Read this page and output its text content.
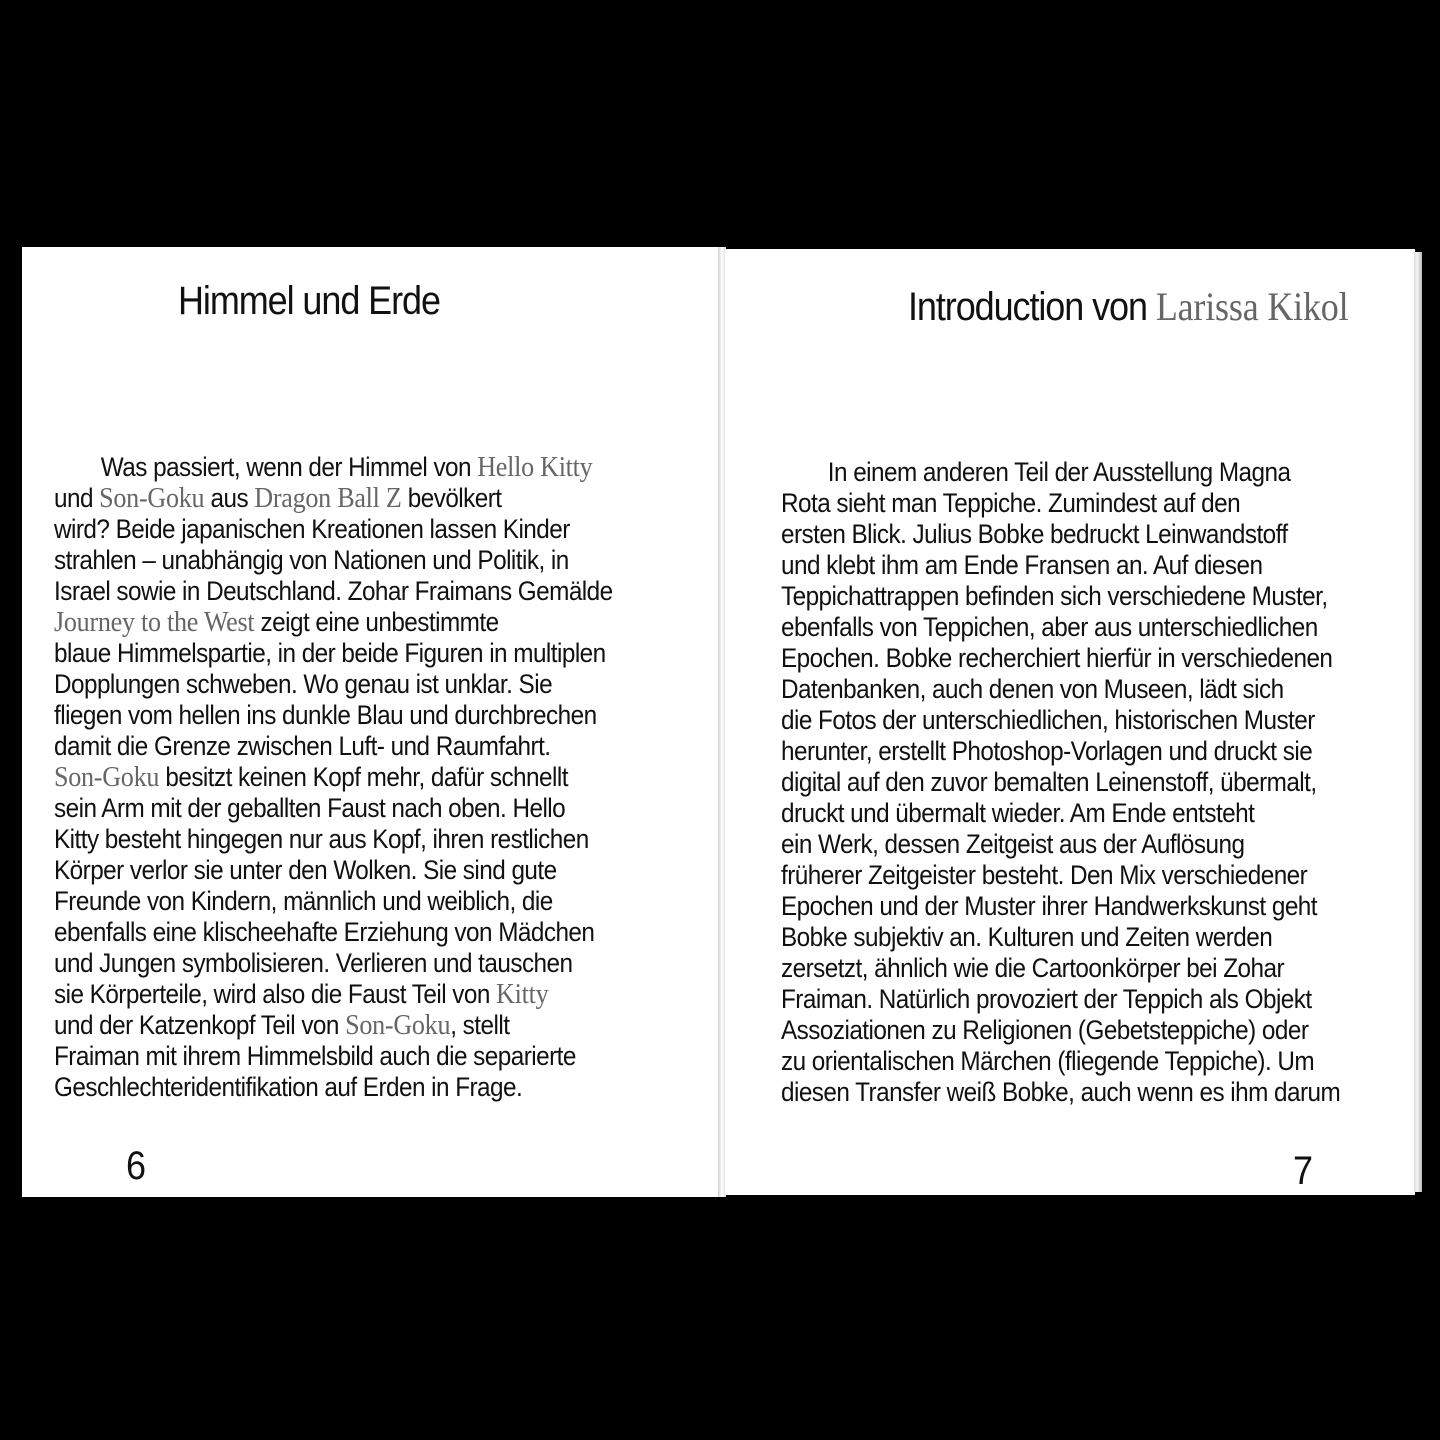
Himmel und Erde
Was passiert, wenn der Himmel von Hello Kitty
und Son-Goku aus Dragon Ball Z bevölkert
wird? Beide japanischen Kreationen lassen Kinder
strahlen – unabhängig von Nationen und Politik, in
Israel sowie in Deutschland. Zohar Fraimans Gemälde
Journey to the West zeigt eine unbestimmte
blaue Himmelspartie, in der beide Figuren in multiplen
Dopplungen schweben. Wo genau ist unklar. Sie
fliegen vom hellen ins dunkle Blau und durchbrechen
damit die Grenze zwischen Luft- und Raumfahrt.
Son-Goku besitzt keinen Kopf mehr, dafür schnellt
sein Arm mit der geballten Faust nach oben. Hello
Kitty besteht hingegen nur aus Kopf, ihren restlichen
Körper verlor sie unter den Wolken. Sie sind gute
Freunde von Kindern, männlich und weiblich, die
ebenfalls eine klischeehafte Erziehung von Mädchen
und Jungen symbolisieren. Verlieren und tauschen
sie Körperteile, wird also die Faust Teil von Kitty
und der Katzenkopf Teil von Son-Goku, stellt
Fraiman mit ihrem Himmelsbild auch die separierte
Geschlechteridentifikation auf Erden in Frage.
6
Introduction von Larissa Kikol
In einem anderen Teil der Ausstellung Magna
Rota sieht man Teppiche. Zumindest auf den
ersten Blick. Julius Bobke bedruckt Leinwandstoff
und klebt ihm am Ende Fransen an. Auf diesen
Teppichattrappen befinden sich verschiedene Muster,
ebenfalls von Teppichen, aber aus unterschiedlichen
Epochen. Bobke recherchiert hierfür in verschiedenen
Datenbanken, auch denen von Museen, lädt sich
die Fotos der unterschiedlichen, historischen Muster
herunter, erstellt Photoshop-Vorlagen und druckt sie
digital auf den zuvor bemalten Leinenstoff, übermalt,
druckt und übermalt wieder. Am Ende entsteht
ein Werk, dessen Zeitgeist aus der Auflösung
früherer Zeitgeister besteht. Den Mix verschiedener
Epochen und der Muster ihrer Handwerkskunst geht
Bobke subjektiv an. Kulturen und Zeiten werden
zersetzt, ähnlich wie die Cartoonkörper bei Zohar
Fraiman. Natürlich provoziert der Teppich als Objekt
Assoziationen zu Religionen (Gebetsteppiche) oder
zu orientalischen Märchen (fliegende Teppiche). Um
diesen Transfer weiß Bobke, auch wenn es ihm darum
7
